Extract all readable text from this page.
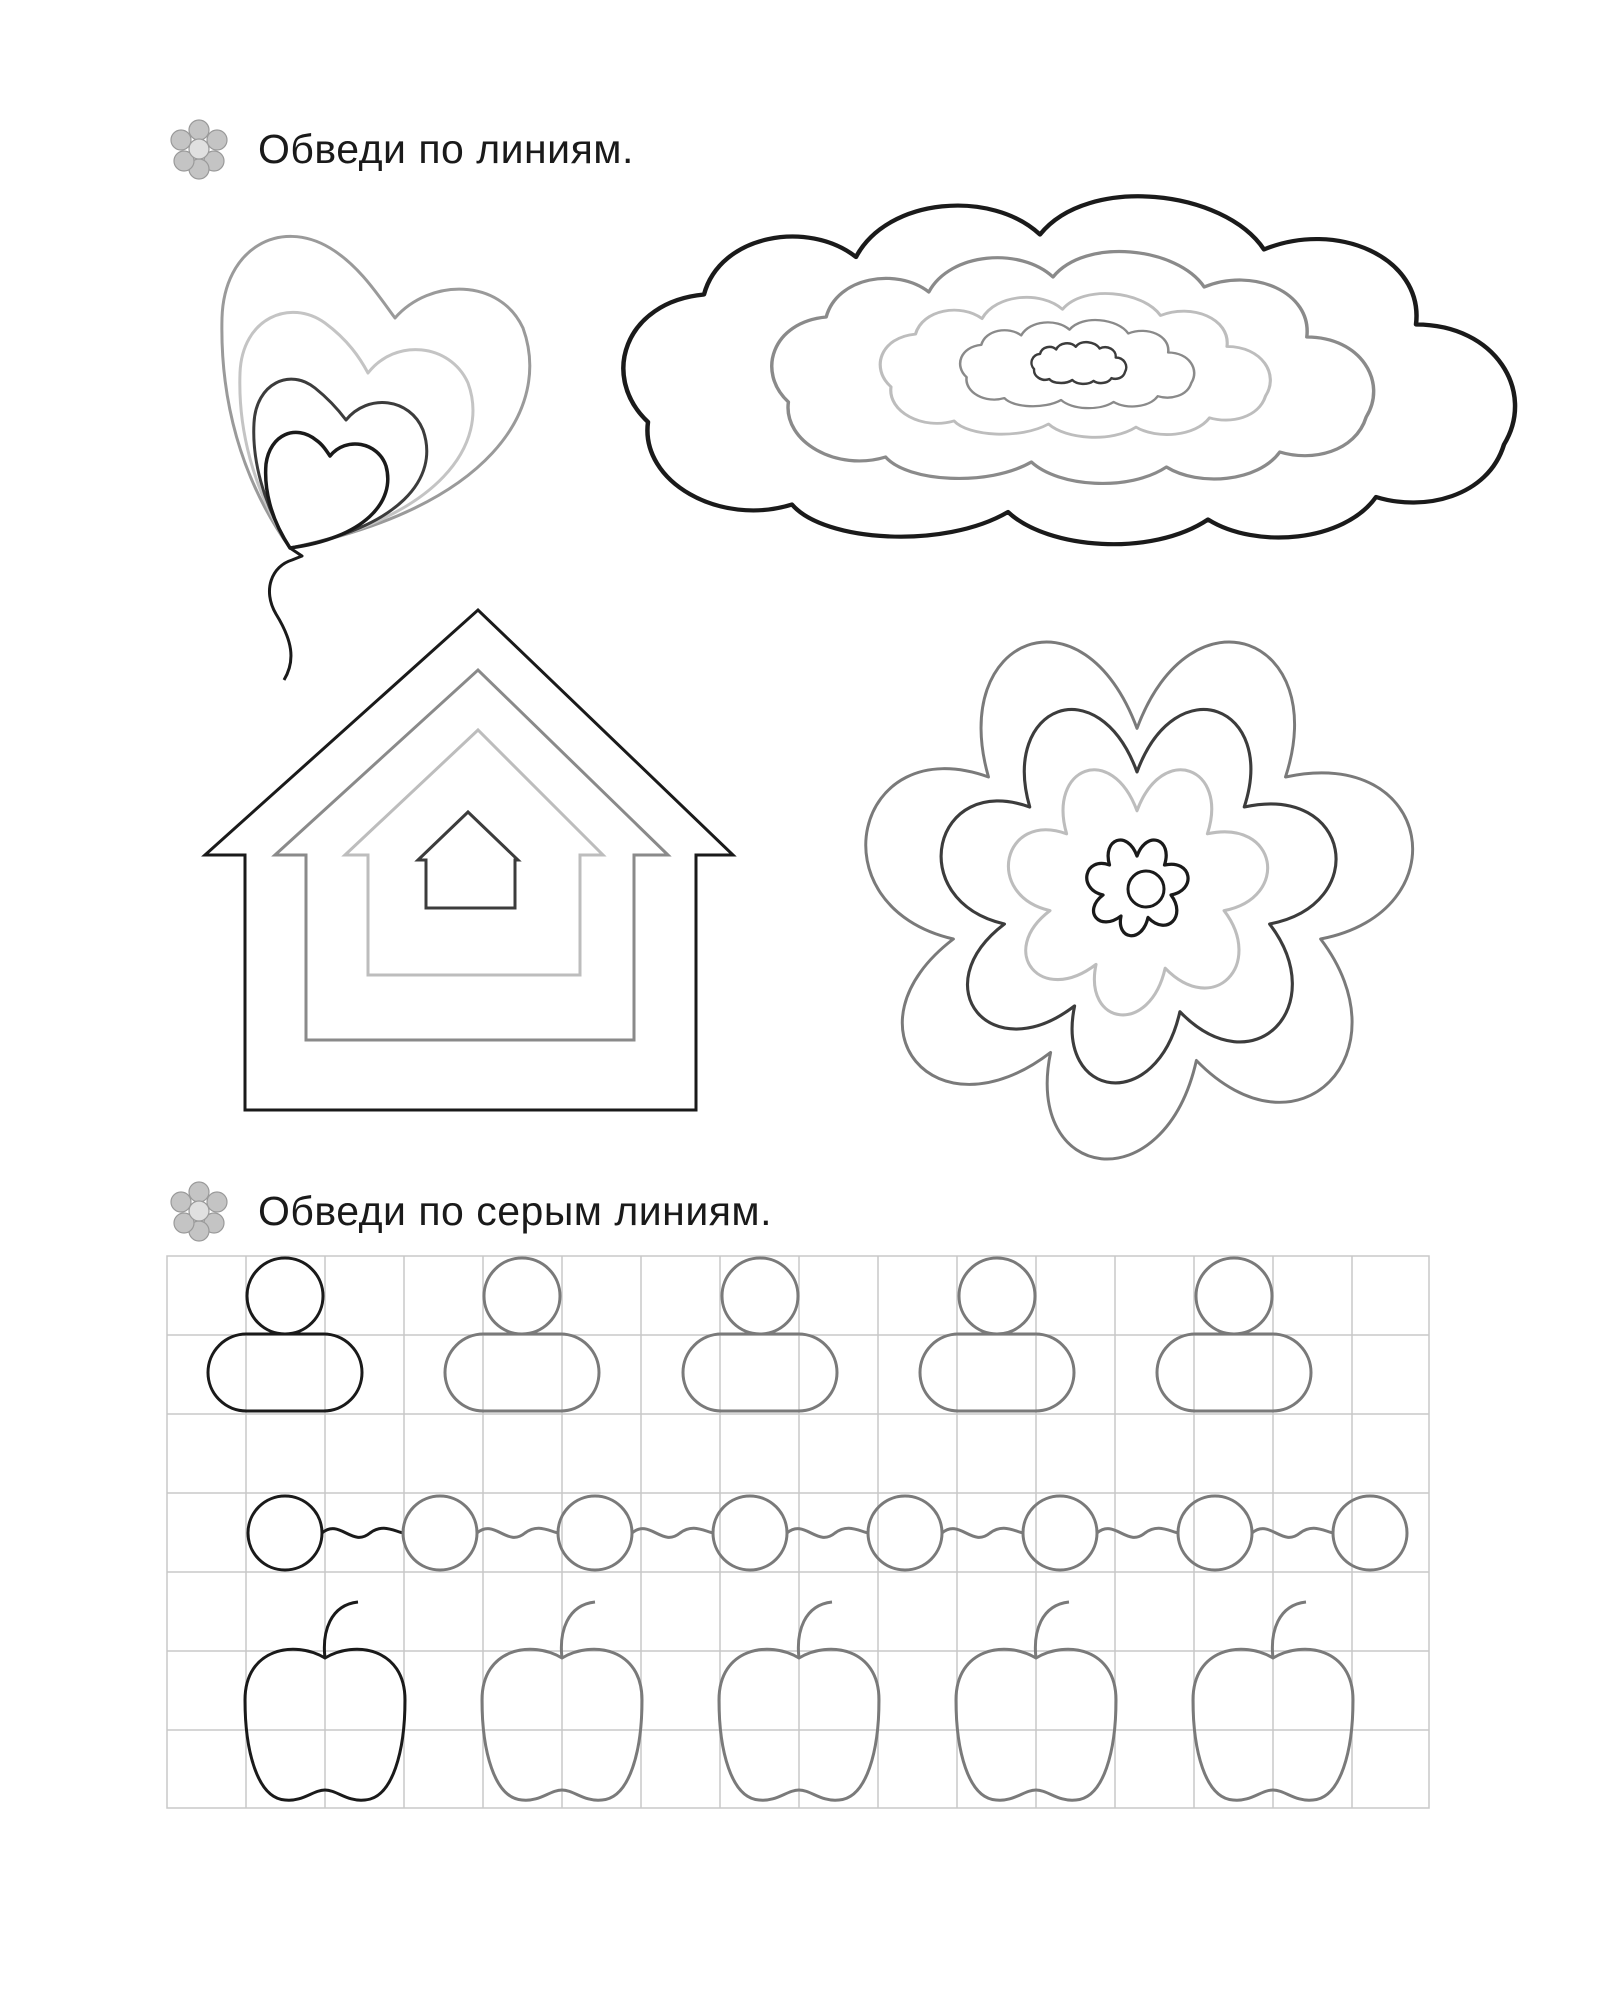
Обведи по линиям.
Обведи по серым линиям.
